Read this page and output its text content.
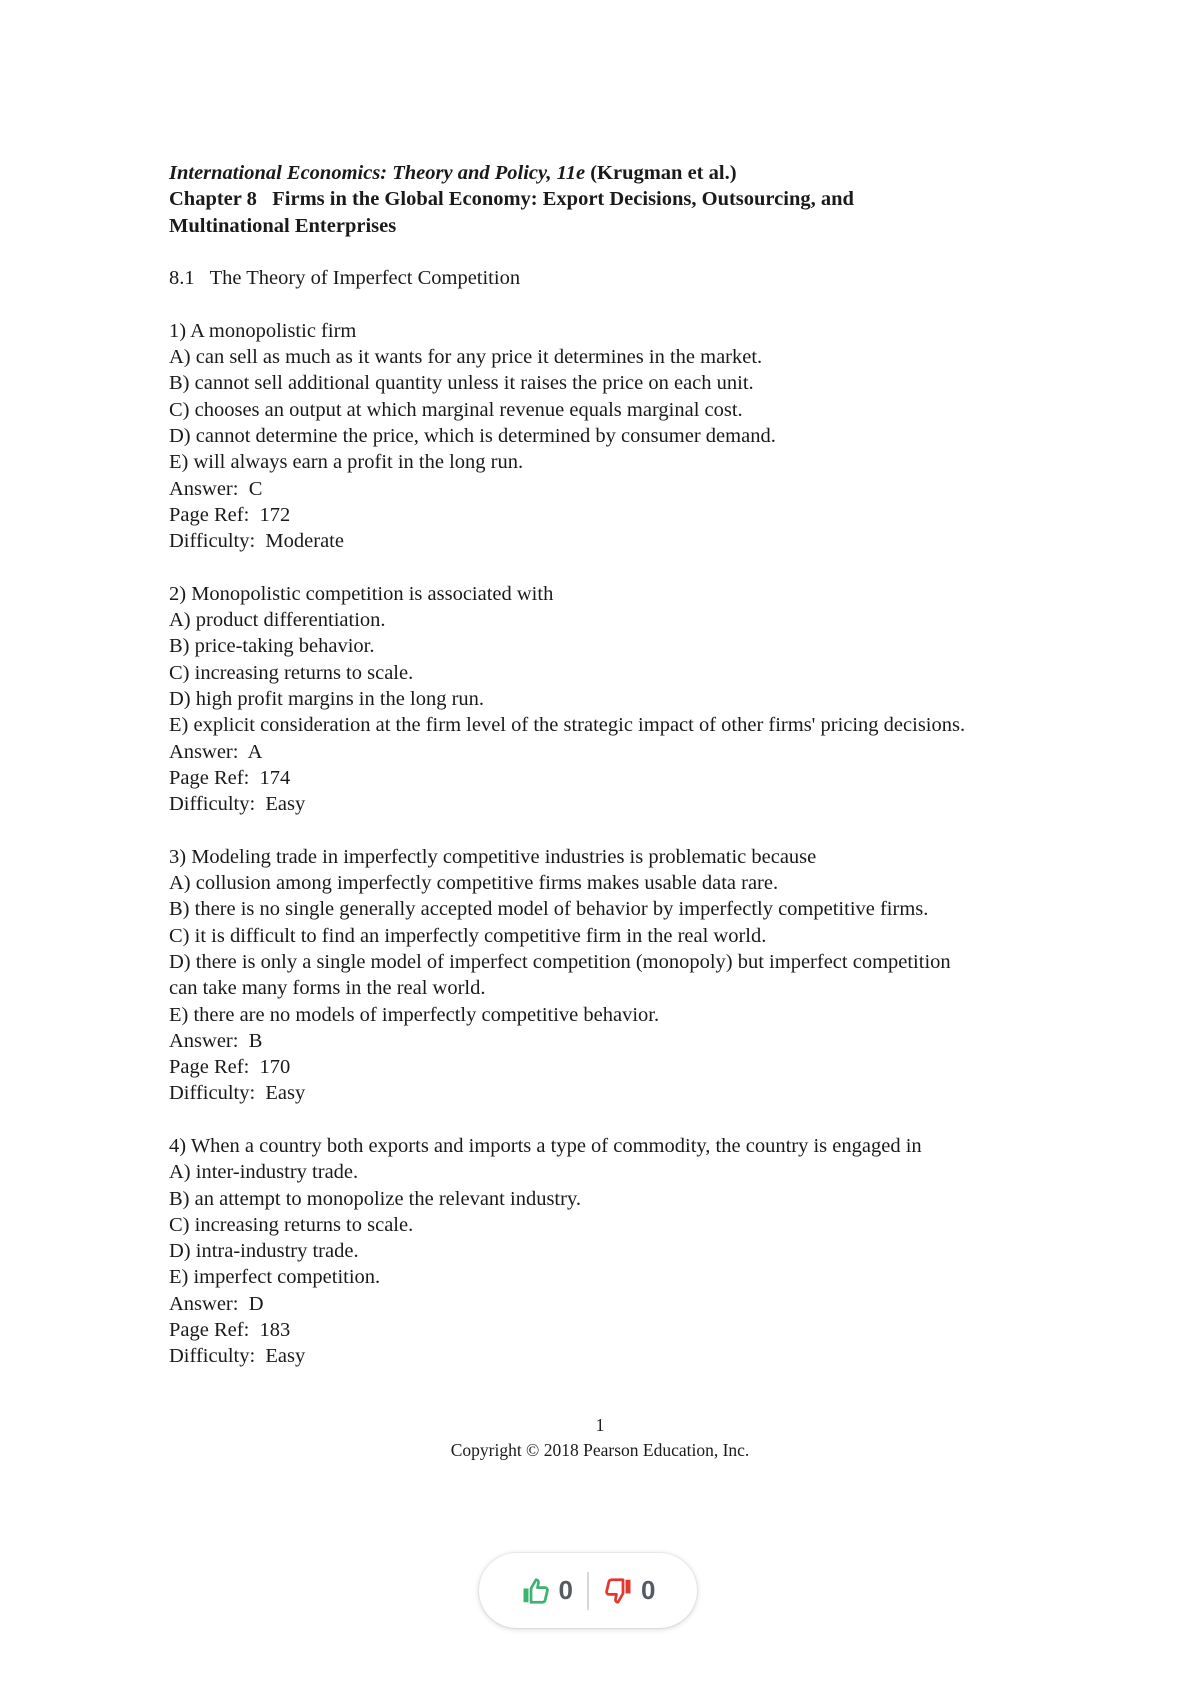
International Economics: Theory and Policy, 11e (Krugman et al.)
Chapter 8   Firms in the Global Economy: Export Decisions, Outsourcing, and
Multinational Enterprises
8.1   The Theory of Imperfect Competition
1) A monopolistic firm
A) can sell as much as it wants for any price it determines in the market.
B) cannot sell additional quantity unless it raises the price on each unit.
C) chooses an output at which marginal revenue equals marginal cost.
D) cannot determine the price, which is determined by consumer demand.
E) will always earn a profit in the long run.
Answer:  C
Page Ref:  172
Difficulty:  Moderate
2) Monopolistic competition is associated with
A) product differentiation.
B) price-taking behavior.
C) increasing returns to scale.
D) high profit margins in the long run.
E) explicit consideration at the firm level of the strategic impact of other firms' pricing decisions.
Answer:  A
Page Ref:  174
Difficulty:  Easy
3) Modeling trade in imperfectly competitive industries is problematic because
A) collusion among imperfectly competitive firms makes usable data rare.
B) there is no single generally accepted model of behavior by imperfectly competitive firms.
C) it is difficult to find an imperfectly competitive firm in the real world.
D) there is only a single model of imperfect competition (monopoly) but imperfect competition
can take many forms in the real world.
E) there are no models of imperfectly competitive behavior.
Answer:  B
Page Ref:  170
Difficulty:  Easy
4) When a country both exports and imports a type of commodity, the country is engaged in
A) inter-industry trade.
B) an attempt to monopolize the relevant industry.
C) increasing returns to scale.
D) intra-industry trade.
E) imperfect competition.
Answer:  D
Page Ref:  183
Difficulty:  Easy
1
Copyright © 2018 Pearson Education, Inc.
0	0
